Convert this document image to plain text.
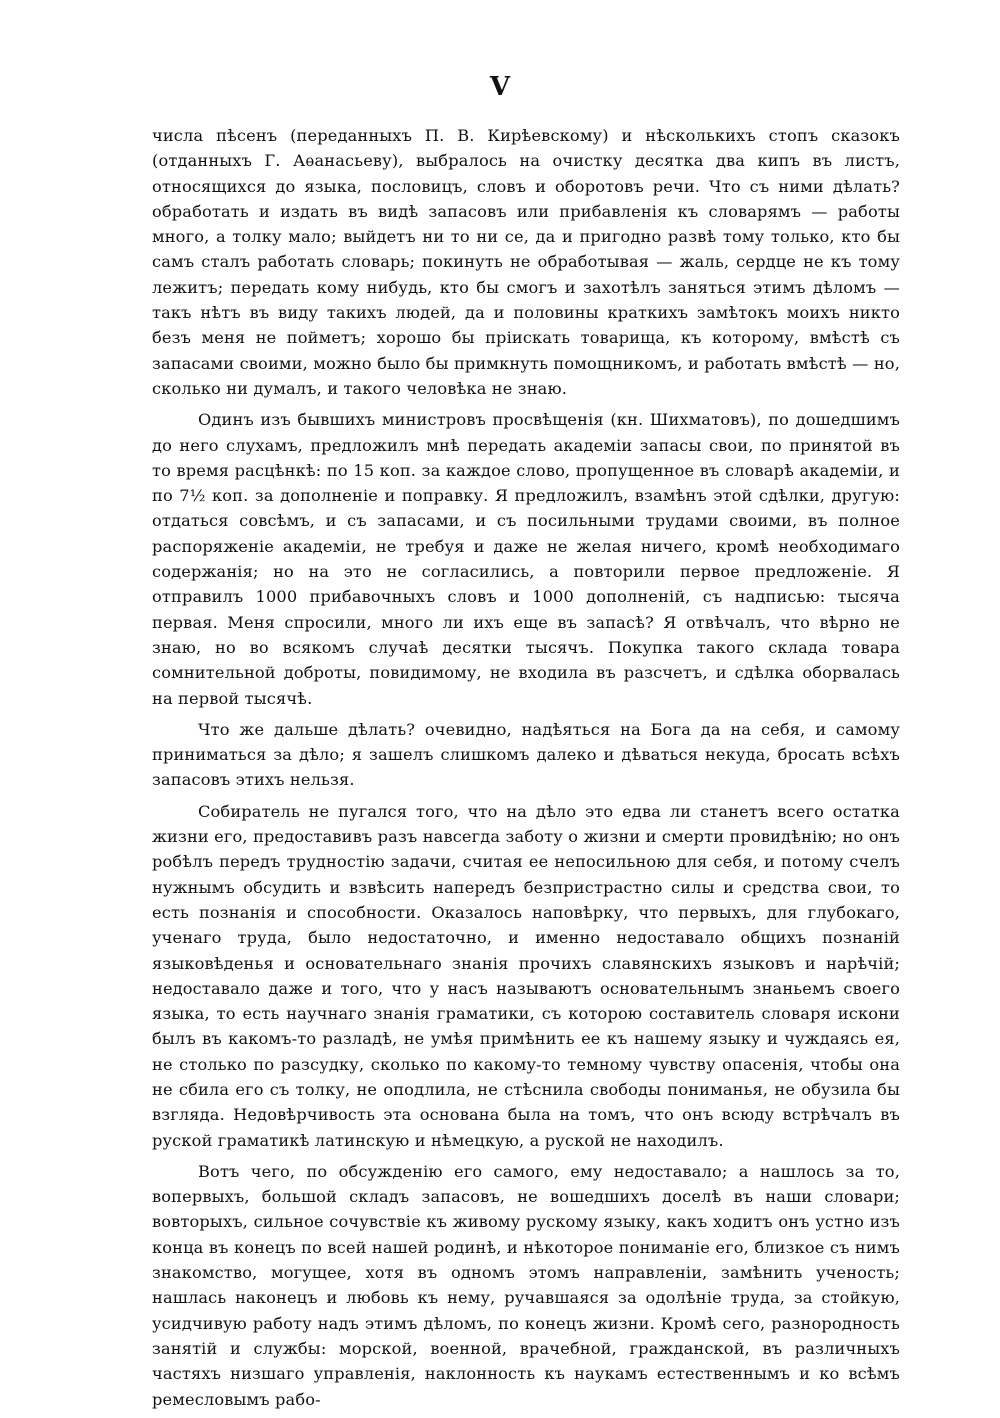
V

числа пѣсенъ (переданныхъ П. В. Кирѣевскому) и нѣсколькихъ стопъ сказокъ (отданныхъ Г. Аѳанасьеву), выбралось на очистку десятка два кипъ въ листъ, относящихся до языка, пословицъ, словъ и оборотовъ речи. Что съ ними дѣлать? обработать и издать въ видѣ запасовъ или прибавленія къ словарямъ — работы много, а толку мало; выйдетъ ни то ни се, да и пригодно развѣ тому только, кто бы самъ сталъ работать словарь; покинуть не обработывая — жаль, сердце не къ тому лежитъ; передать кому нибудь, кто бы смогъ и захотѣлъ заняться этимъ дѣломъ — такъ нѣтъ въ виду такихъ людей, да и половины краткихъ замѣтокъ моихъ никто безъ меня не пойметъ; хорошо бы пріискать товарища, къ которому, вмѣстѣ съ запасами своими, можно было бы примкнуть помощникомъ, и работать вмѣстѣ — но, сколько ни думалъ, и такого человѣка не знаю.

Одинъ изъ бывшихъ министровъ просвѣщенія (кн. Шихматовъ), по дошедшимъ до него слухамъ, предложилъ мнѣ передать академіи запасы свои, по принятой въ то время расцѣнкѣ: по 15 коп. за каждое слово, пропущенное въ словарѣ академіи, и по 7½ коп. за дополненіе и поправку. Я предложилъ, взамѣнъ этой сдѣлки, другую: отдаться совсѣмъ, и съ запасами, и съ посильными трудами своими, въ полное распоряженіе академіи, не требуя и даже не желая ничего, кромѣ необходимаго содержанія; но на это не согласились, а повторили первое предложеніе. Я отправилъ 1000 прибавочныхъ словъ и 1000 дополненій, съ надписью: тысяча первая. Меня спросили, много ли ихъ еще въ запасѣ? Я отвѣчалъ, что вѣрно не знаю, но во всякомъ случаѣ десятки тысячъ. Покупка такого склада товара сомнительной доброты, повидимому, не входила въ разсчетъ, и сдѣлка оборвалась на первой тысячѣ.

Что же дальше дѣлать? очевидно, надѣяться на Бога да на себя, и самому приниматься за дѣло; я зашелъ слишкомъ далеко и дѣваться некуда, бросать всѣхъ запасовъ этихъ нельзя.

Собиратель не пугался того, что на дѣло это едва ли станетъ всего остатка жизни его, предоставивъ разъ навсегда заботу о жизни и смерти провидѣнію; но онъ робѣлъ передъ трудностію задачи, считая ее непосильною для себя, и потому счелъ нужнымъ обсудить и взвѣсить напередъ безпристрастно силы и средства свои, то есть познанія и способности. Оказалось наповѣрку, что первыхъ, для глубокаго, ученаго труда, было недостаточно, и именно недоставало общихъ познаній языковѣденья и основательнаго знанія прочихъ славянскихъ языковъ и нарѣчій; недоставало даже и того, что у насъ называютъ основательнымъ знаньемъ своего языка, то есть научнаго знанія граматики, съ которою составитель словаря искони былъ въ какомъ-то разладѣ, не умѣя примѣнить ее къ нашему языку и чуждаясь ея, не столько по разсудку, сколько по какому-то темному чувству опасенія, чтобы она не сбила его съ толку, не оподлила, не стѣснила свободы пониманья, не обузила бы взгляда. Недовѣрчивость эта основана была на томъ, что онъ всюду встрѣчалъ въ руской граматикѣ латинскую и нѣмецкую, а руской не находилъ.

Вотъ чего, по обсужденію его самого, ему недоставало; а нашлось за то, вопервыхъ, большой складъ запасовъ, не вошедшихъ доселѣ въ наши словари; вовторыхъ, сильное сочувствіе къ живому рускому языку, какъ ходитъ онъ устно изъ конца въ конецъ по всей нашей родинѣ, и нѣкоторое пониманіе его, близкое съ нимъ знакомство, могущее, хотя въ одномъ этомъ направленіи, замѣнить ученость; нашлась наконецъ и любовь къ нему, ручавшаяся за одолѣніе труда, за стойкую, усидчивую работу надъ этимъ дѣломъ, по конецъ жизни. Кромѣ сего, разнородность занятій и службы: морской, военной, врачебной, гражданской, въ различныхъ частяхъ низшаго управленія, наклонность къ наукамъ естественнымъ и ко всѣмъ ремесловымъ рабо-
